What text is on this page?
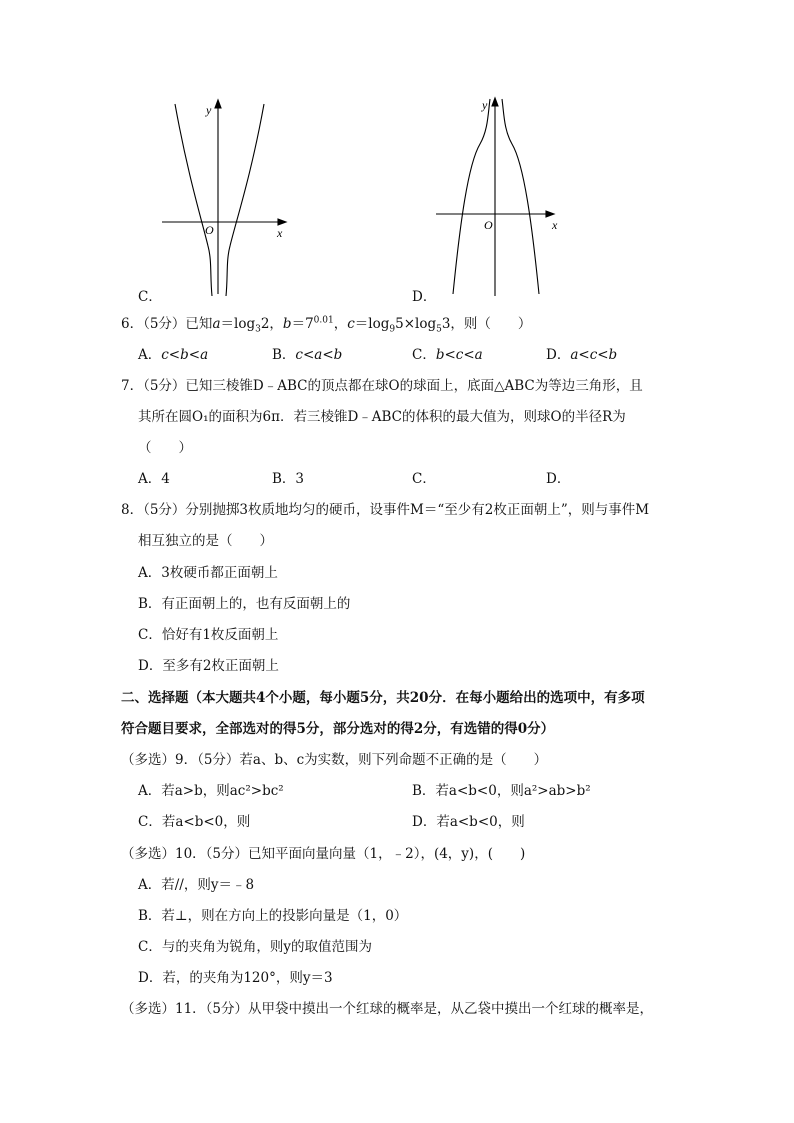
y
x
O
C．
y
x
O
D．
6．（5分）已知$a=\log_32$，$b=7^{0.01}$，$c=\log_95\times\log_53$，则（　　）
A．c<b<a	B．c<a<b	C．b<c<a	D．a<c<b
7．（5分）已知三棱锥D﹣ABC的顶点都在球O的球面上，底面△ABC为等边三角形，且
其所在圆O₁的面积为6π．若三棱锥D﹣ABC的体积的最大值为，则球O的半径R为
（　　）
A．4	B．3	C．	D．
8．（5分）分别抛掷3枚质地均匀的硬币，设事件M＝“至少有2枚正面朝上”，则与事件M
相互独立的是（　　）
A．3枚硬币都正面朝上
B．有正面朝上的，也有反面朝上的
C．恰好有1枚反面朝上
D．至多有2枚正面朝上
二、选择题（本大题共4个小题，每小题5分，共20分．在每小题给出的选项中，有多项
符合题目要求，全部选对的得5分，部分选对的得2分，有选错的得0分）
（多选）9．（5分）若a、b、c为实数，则下列命题不正确的是（　　）
A．若a>b，则ac²>bc²	B．若a<b<0，则a²>ab>b²
C．若a<b<0，则	D．若a<b<0，则
（多选）10．（5分）已知平面向量向量（1，﹣2），(4，y)，(　　)
A．若//，则y＝﹣8
B．若⊥，则在方向上的投影向量是（1，0）
C．与的夹角为锐角，则y的取值范围为
D．若，的夹角为120°，则y＝3
（多选）11．（5分）从甲袋中摸出一个红球的概率是，从乙袋中摸出一个红球的概率是，
